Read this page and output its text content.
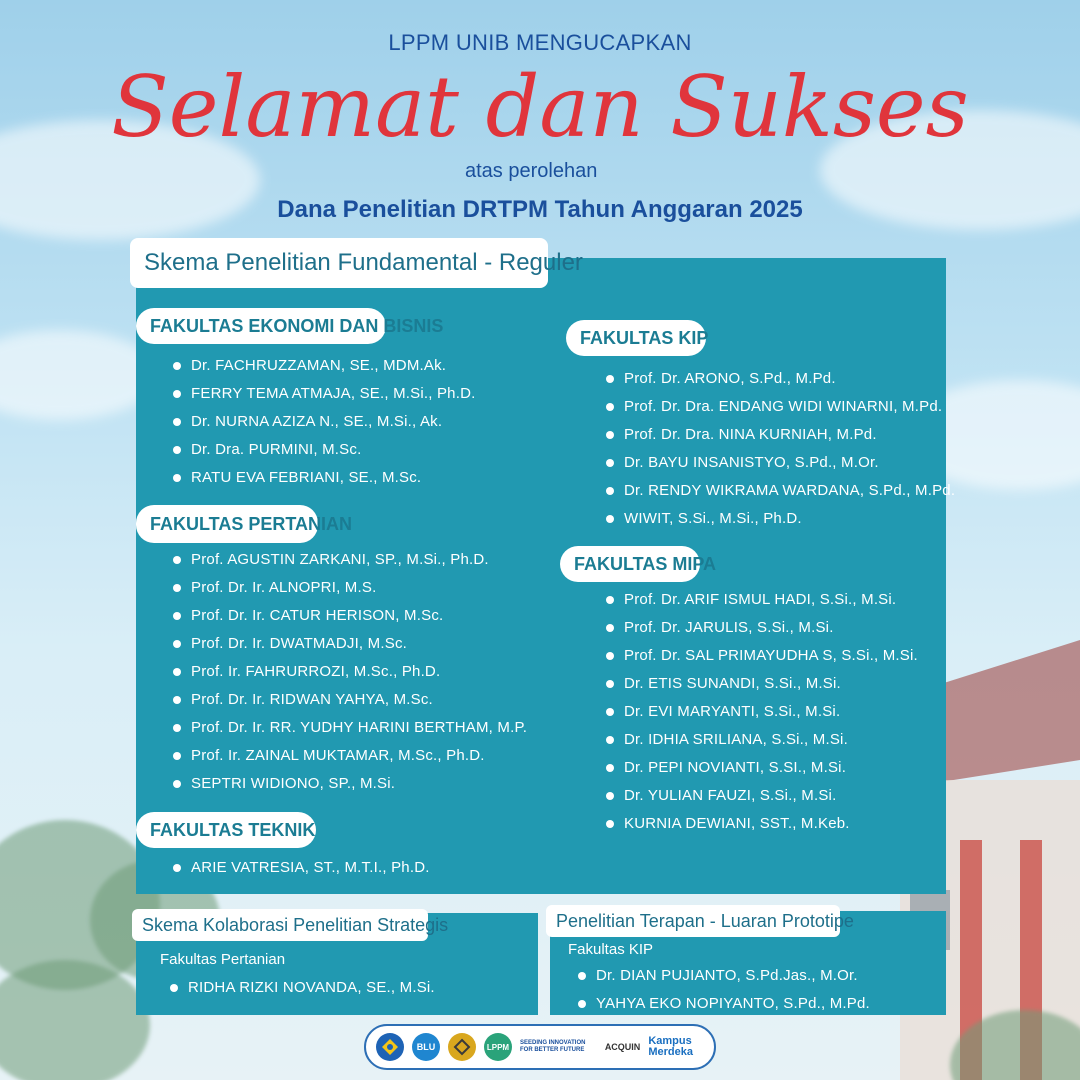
LPPM UNIB MENGUCAPKAN
Selamat dan Sukses
atas perolehan
Dana Penelitian DRTPM Tahun Anggaran 2025
Skema Penelitian Fundamental - Reguler
FAKULTAS EKONOMI DAN BISNIS
Dr. FACHRUZZAMAN, SE., MDM.Ak.
FERRY TEMA ATMAJA, SE., M.Si., Ph.D.
Dr. NURNA AZIZA N., SE., M.Si., Ak.
Dr. Dra. PURMINI, M.Sc.
RATU EVA FEBRIANI, SE., M.Sc.
FAKULTAS PERTANIAN
Prof. AGUSTIN ZARKANI, SP., M.Si., Ph.D.
Prof. Dr. Ir. ALNOPRI, M.S.
Prof. Dr. Ir. CATUR HERISON, M.Sc.
Prof. Dr. Ir. DWATMADJI, M.Sc.
Prof. Ir. FAHRURROZI, M.Sc., Ph.D.
Prof. Dr. Ir. RIDWAN YAHYA, M.Sc.
Prof. Dr. Ir. RR. YUDHY HARINI BERTHAM, M.P.
Prof. Ir. ZAINAL MUKTAMAR, M.Sc., Ph.D.
SEPTRI WIDIONO, SP., M.Si.
FAKULTAS TEKNIK
ARIE VATRESIA, ST., M.T.I., Ph.D.
FAKULTAS KIP
Prof. Dr. ARONO, S.Pd., M.Pd.
Prof. Dr. Dra. ENDANG WIDI WINARNI, M.Pd.
Prof. Dr. Dra. NINA KURNIAH, M.Pd.
Dr. BAYU INSANISTYO, S.Pd., M.Or.
Dr. RENDY WIKRAMA WARDANA, S.Pd., M.Pd.
WIWIT, S.Si., M.Si., Ph.D.
FAKULTAS MIPA
Prof. Dr. ARIF ISMUL HADI, S.Si., M.Si.
Prof. Dr. JARULIS, S.Si., M.Si.
Prof. Dr. SAL PRIMAYUDHA S, S.Si., M.Si.
Dr. ETIS SUNANDI, S.Si., M.Si.
Dr. EVI MARYANTI, S.Si., M.Si.
Dr. IDHIA SRILIANA, S.Si., M.Si.
Dr. PEPI NOVIANTI, S.SI., M.Si.
Dr. YULIAN FAUZI, S.Si., M.Si.
KURNIA DEWIANI, SST., M.Keb.
Skema Kolaborasi Penelitian Strategis
Fakultas Pertanian
RIDHA RIZKI NOVANDA, SE., M.Si.
Penelitian Terapan - Luaran Prototipe
Fakultas KIP
Dr. DIAN PUJIANTO, S.Pd.Jas., M.Or.
YAHYA EKO NOPIYANTO, S.Pd., M.Pd.
BLU	LPPM	SEEDING INNOVATION FOR BETTER FUTURE	ACQUIN Kampus Merdeka
